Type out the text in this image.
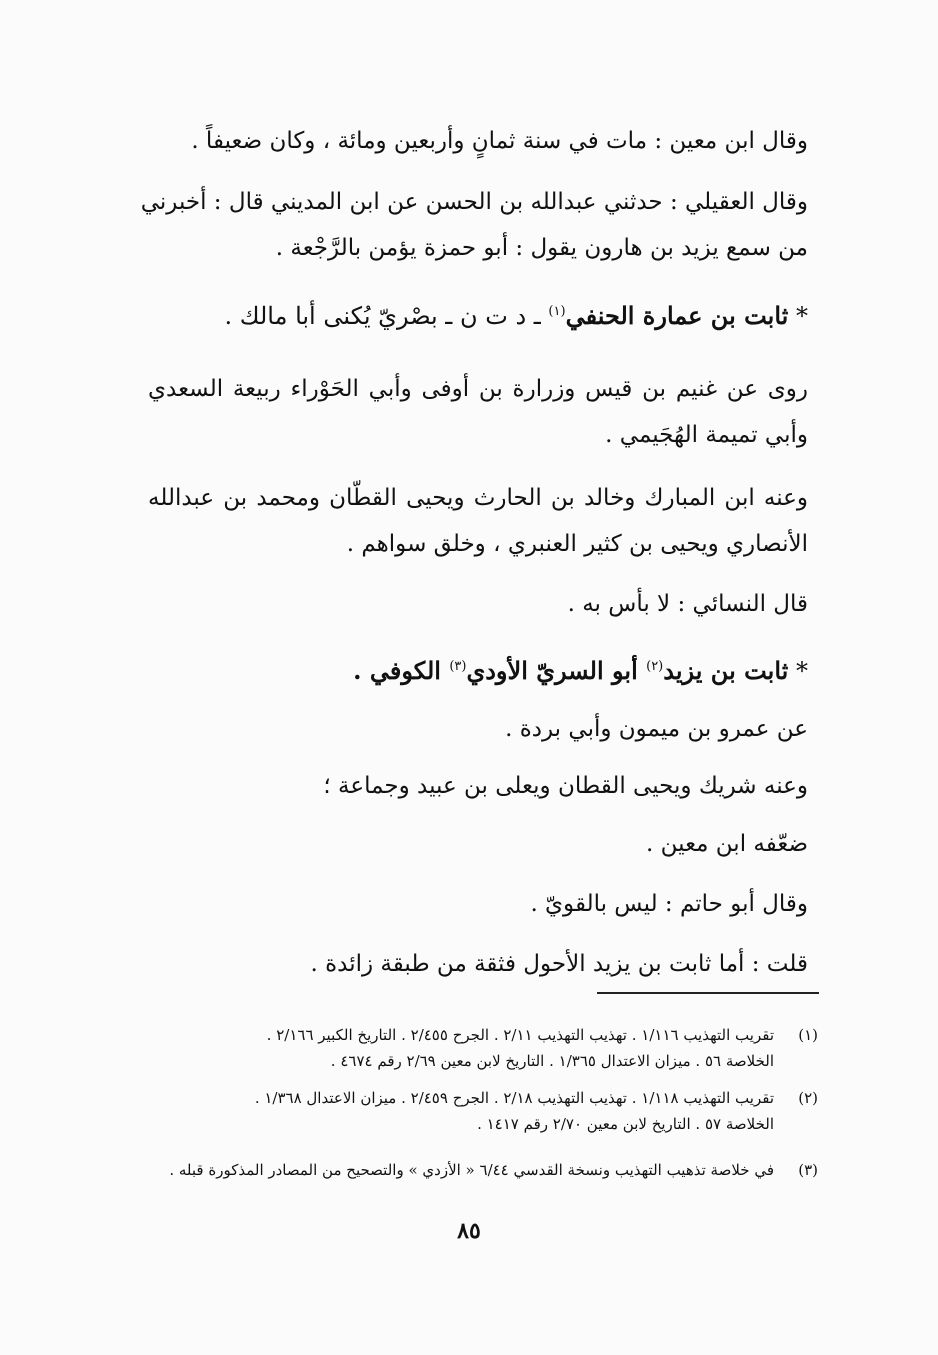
وقال ابن معين : مات في سنة ثمانٍ وأربعين ومائة ، وكان ضعيفاً .
وقال العقيلي : حدثني عبدالله بن الحسن عن ابن المديني قال : أخبرني
من سمع يزيد بن هارون يقول : أبو حمزة يؤمن بالرَّجْعة .
* ثابت بن عمارة الحنفي$^{(١)}$ ـ د ت ن ـ بصْريّ يُكنى أبا مالك .
روى عن غنيم بن قيس وزرارة بن أوفى وأبي الحَوْراء ربيعة السعدي
وأبي تميمة الهُجَيمي .
وعنه ابن المبارك وخالد بن الحارث ويحيى القطّان ومحمد بن عبدالله
الأنصاري ويحيى بن كثير العنبري ، وخلق سواهم .
قال النسائي : لا بأس به .
* ثابت بن يزيد$^{(٢)}$ أبو السريّ الأودي$^{(٣)}$ الكوفي .
عن عمرو بن ميمون وأبي بردة .
وعنه شريك ويحيى القطان ويعلى بن عبيد وجماعة ؛
ضعّفه ابن معين .
وقال أبو حاتم : ليس بالقويّ .
قلت : أما ثابت بن يزيد الأحول فثقة من طبقة زائدة .
(١)تقريب التهذيب ١/١١٦ . تهذيب التهذيب ٢/١١ . الجرح ٢/٤٥٥ . التاريخ الكبير ٢/١٦٦ .
الخلاصة ٥٦ . ميزان الاعتدال ١/٣٦٥ . التاريخ لابن معين ٢/٦٩ رقم ٤٦٧٤ .
(٢)تقريب التهذيب ١/١١٨ . تهذيب التهذيب ٢/١٨ . الجرح ٢/٤٥٩ . ميزان الاعتدال ١/٣٦٨ .
الخلاصة ٥٧ . التاريخ لابن معين ٢/٧٠ رقم ١٤١٧ .
(٣)في خلاصة تذهيب التهذيب ونسخة القدسي ٦/٤٤ « الأزدي » والتصحيح من المصادر المذكورة قبله .
٨٥
